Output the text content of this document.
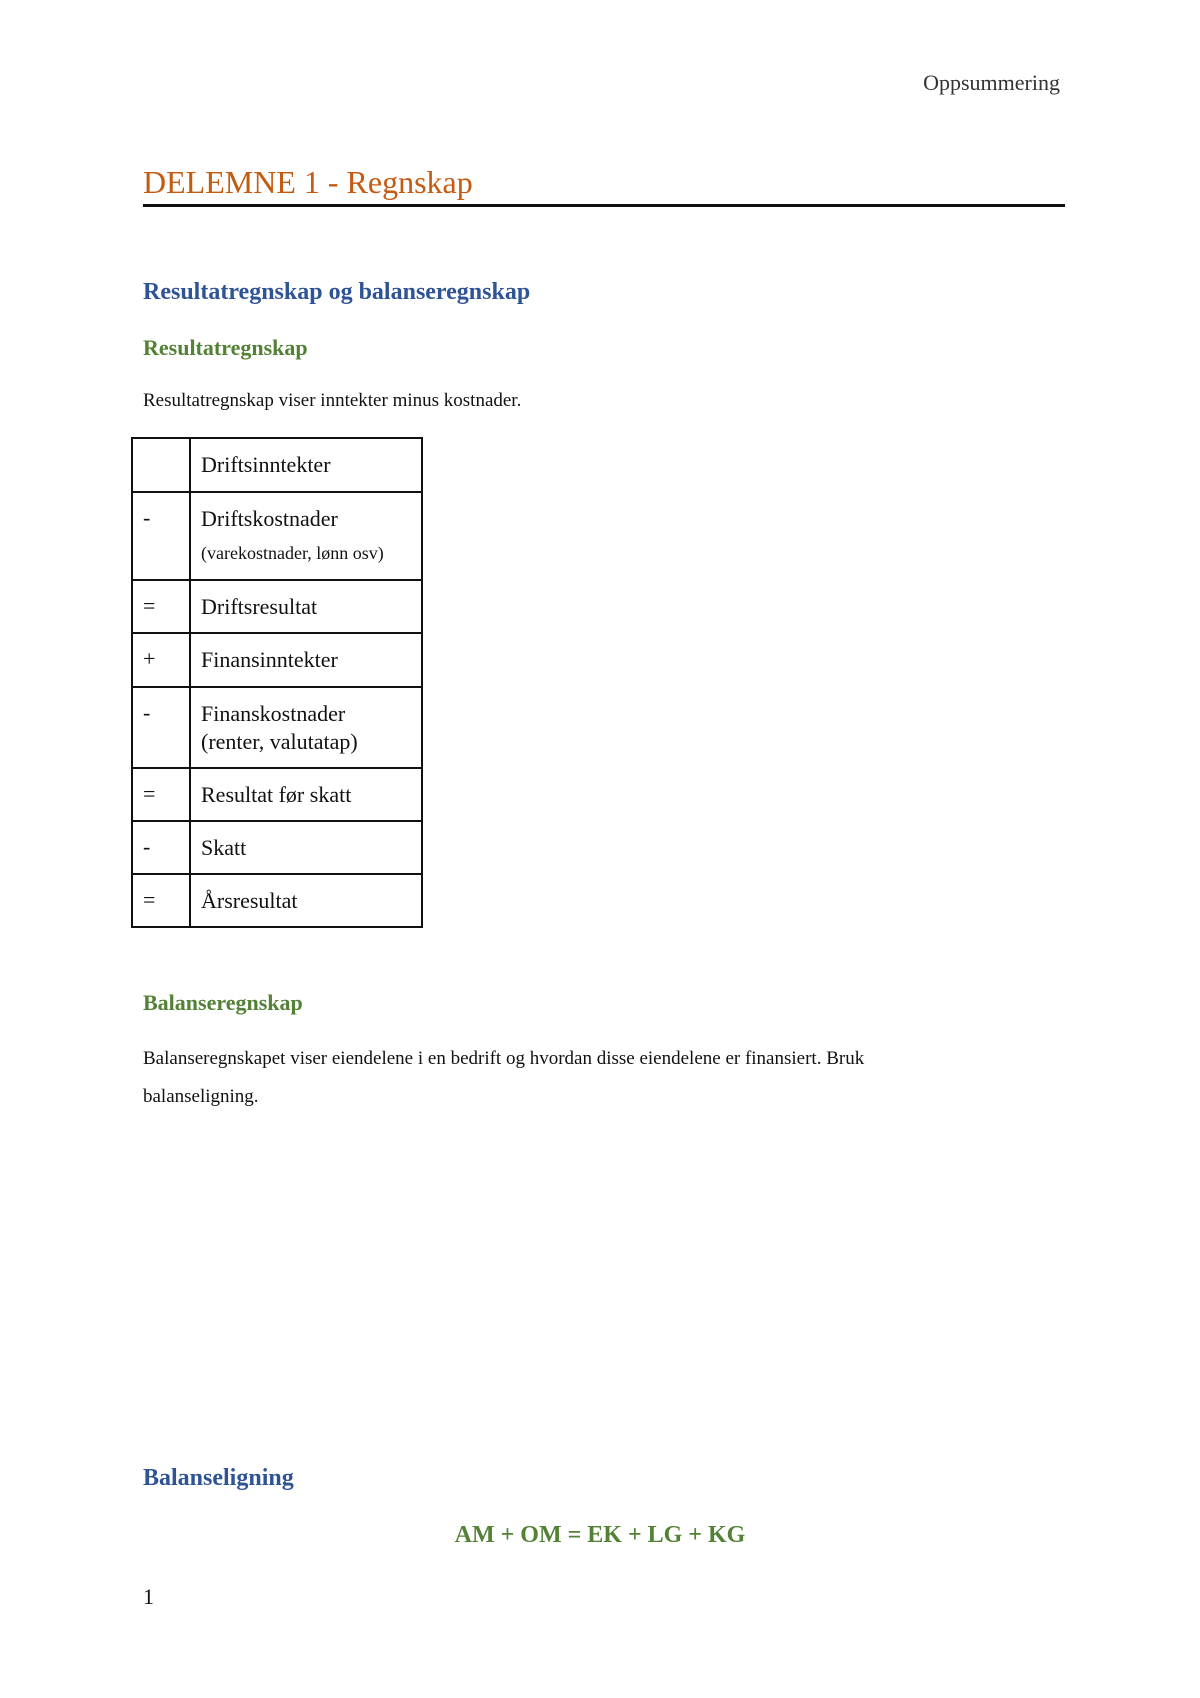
Oppsummering
DELEMNE 1 - Regnskap
Resultatregnskap og balanseregnskap
Resultatregnskap
Resultatregnskap viser inntekter minus kostnader.
	Driftsinntekter
-	Driftskostnader
(varekostnader, lønn osv)

=	Driftsresultat
+	Finansinntekter
-	Finanskostnader (renter, valutatap)
=	Resultat før skatt
-	Skatt
=	Årsresultat
Balanseregnskap
Balanseregnskapet viser eiendelene i en bedrift og hvordan disse eiendelene er finansiert. Bruk
balanseligning.
Balanseligning
AM + OM = EK + LG + KG
1
